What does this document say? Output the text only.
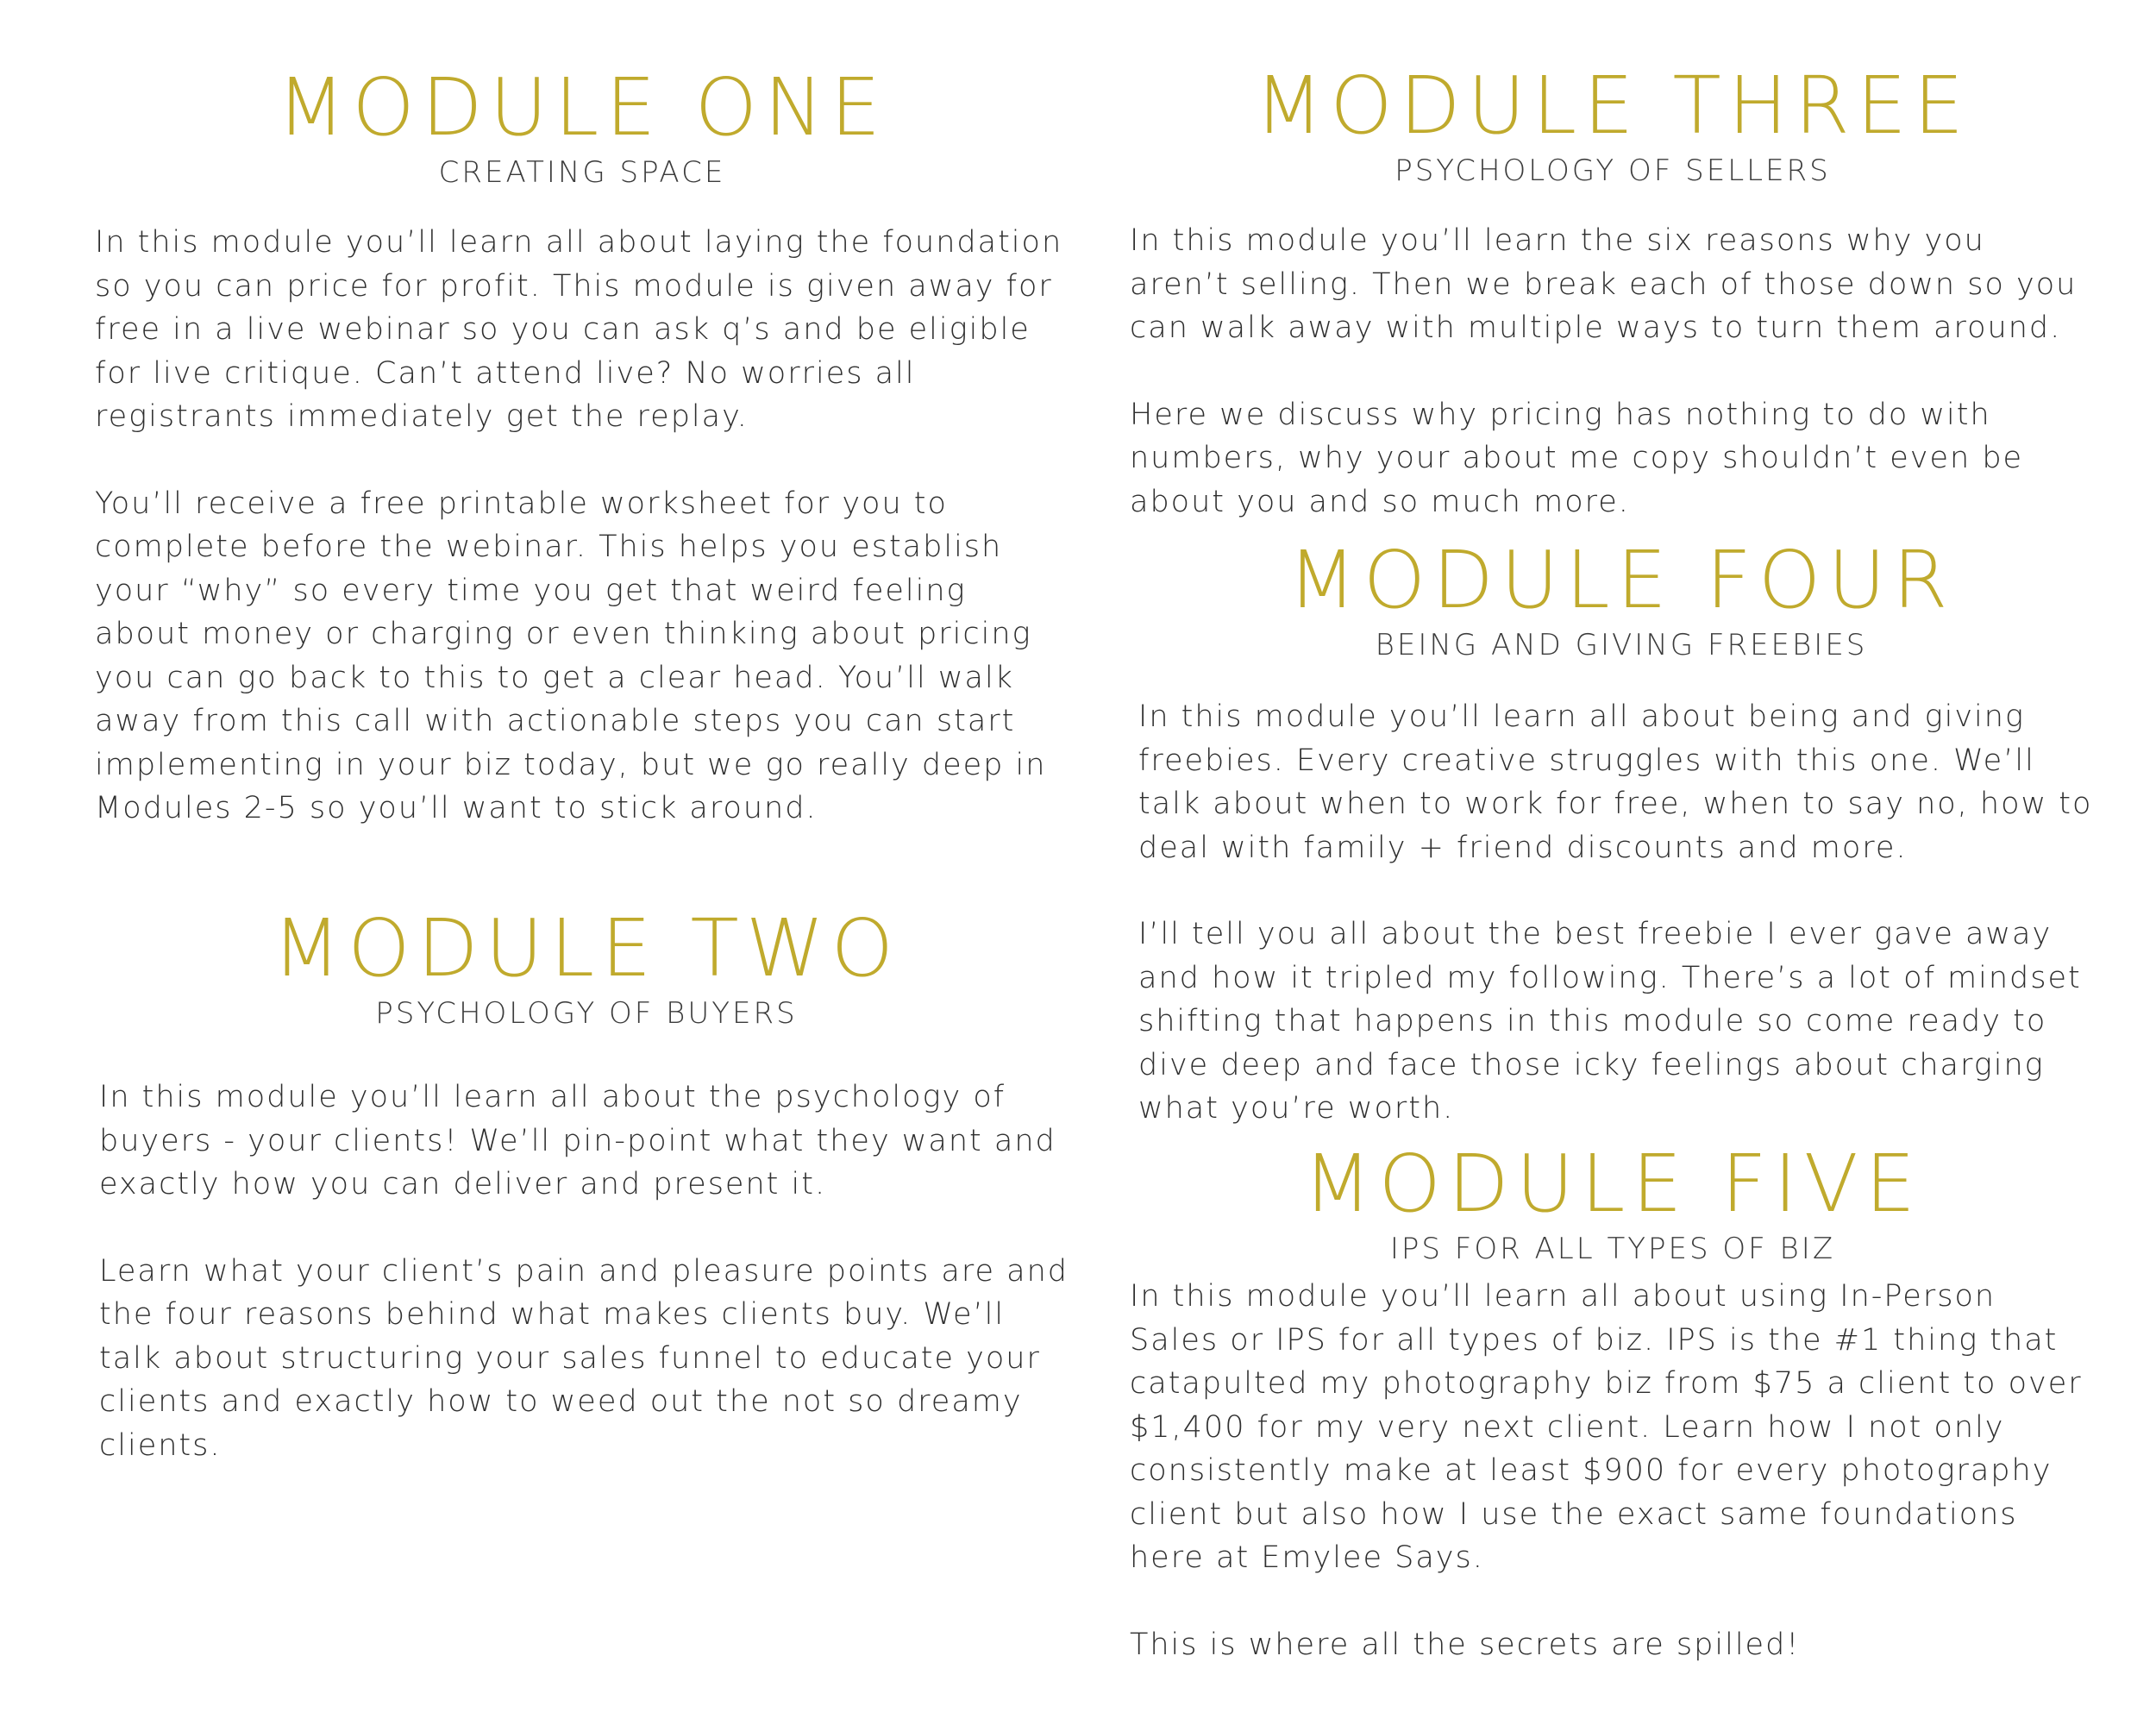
MODULE ONE
CREATING SPACE

In this module you’ll learn all about laying the foundation so you can price for profit. This module is given away for free in a live webinar so you can ask q’s and be eligible for live critique. Can’t attend live? No worries all registrants immediately get the replay.

You’ll receive a free printable worksheet for you to complete before the webinar. This helps you establish your “why” so every time you get that weird feeling about money or charging or even thinking about pricing you can go back to this to get a clear head. You’ll walk away from this call with actionable steps you can start implementing in your biz today, but we go really deep in Modules 2-5 so you’ll want to stick around.

MODULE TWO
PSYCHOLOGY OF BUYERS

In this module you’ll learn all about the psychology of buyers - your clients! We’ll pin-point what they want and exactly how you can deliver and present it.

Learn what your client’s pain and pleasure points are and the four reasons behind what makes clients buy. We’ll talk about structuring your sales funnel to educate your clients and exactly how to weed out the not so dreamy clients.

MODULE THREE
PSYCHOLOGY OF SELLERS

In this module you’ll learn the six reasons why you aren’t selling. Then we break each of those down so you can walk away with multiple ways to turn them around.

Here we discuss why pricing has nothing to do with numbers, why your about me copy shouldn’t even be about you and so much more.

MODULE FOUR
BEING AND GIVING FREEBIES

In this module you’ll learn all about being and giving freebies. Every creative struggles with this one. We’ll talk about when to work for free, when to say no, how to deal with family + friend discounts and more.

I’ll tell you all about the best freebie I ever gave away and how it tripled my following. There’s a lot of mindset shifting that happens in this module so come ready to dive deep and face those icky feelings about charging what you’re worth.

MODULE FIVE
IPS FOR ALL TYPES OF BIZ

In this module you’ll learn all about using In-Person Sales or IPS for all types of biz. IPS is the #1 thing that catapulted my photography biz from $75 a client to over $1,400 for my very next client. Learn how I not only consistently make at least $900 for every photography client but also how I use the exact same foundations here at Emylee Says.

This is where all the secrets are spilled!
